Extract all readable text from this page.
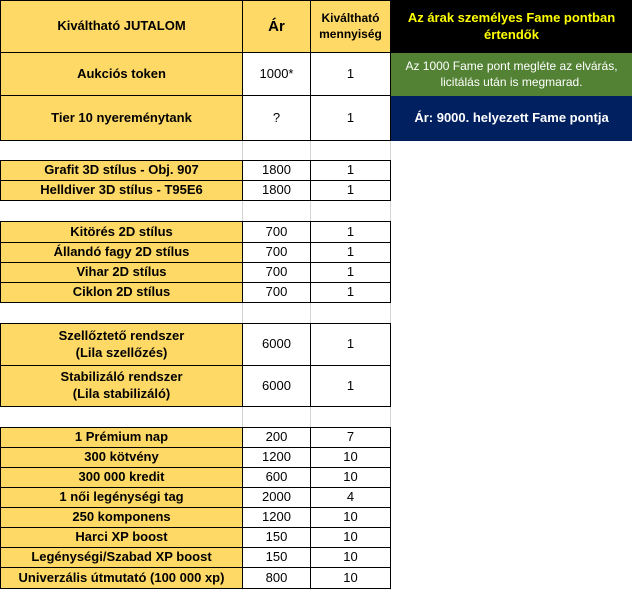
Kiváltható JUTALOM	Ár	Kiváltható
mennyiség
Az árak személyes Fame pontban
értendők
Aukciós token	1000*	1	Az 1000 Fame pont megléte az elvárás,
licitálás után is megmarad.
Tier 10 nyereménytank	?	1	Ár: 9000. helyezett Fame pontja
Grafit 3D stílus - Obj. 907	1800	1
Helldiver 3D stílus - T95E6	1800	1
Kitörés 2D stílus	700	1
Állandó fagy 2D stílus	700	1
Vihar 2D stílus	700	1
Ciklon 2D stílus	700	1
Szellőztető rendszer
(Lila szellőzés)
6000	1
Stabilizáló rendszer
(Lila stabilizáló)
6000	1
1 Prémium nap	200	7
300 kötvény	1200	10
300 000 kredit	600	10
1 női legénységi tag	2000	4
250 komponens	1200	10
Harci XP boost	150	10
Legénységi/Szabad XP boost	150	10
Univerzális útmutató (100 000 xp)	800	10
